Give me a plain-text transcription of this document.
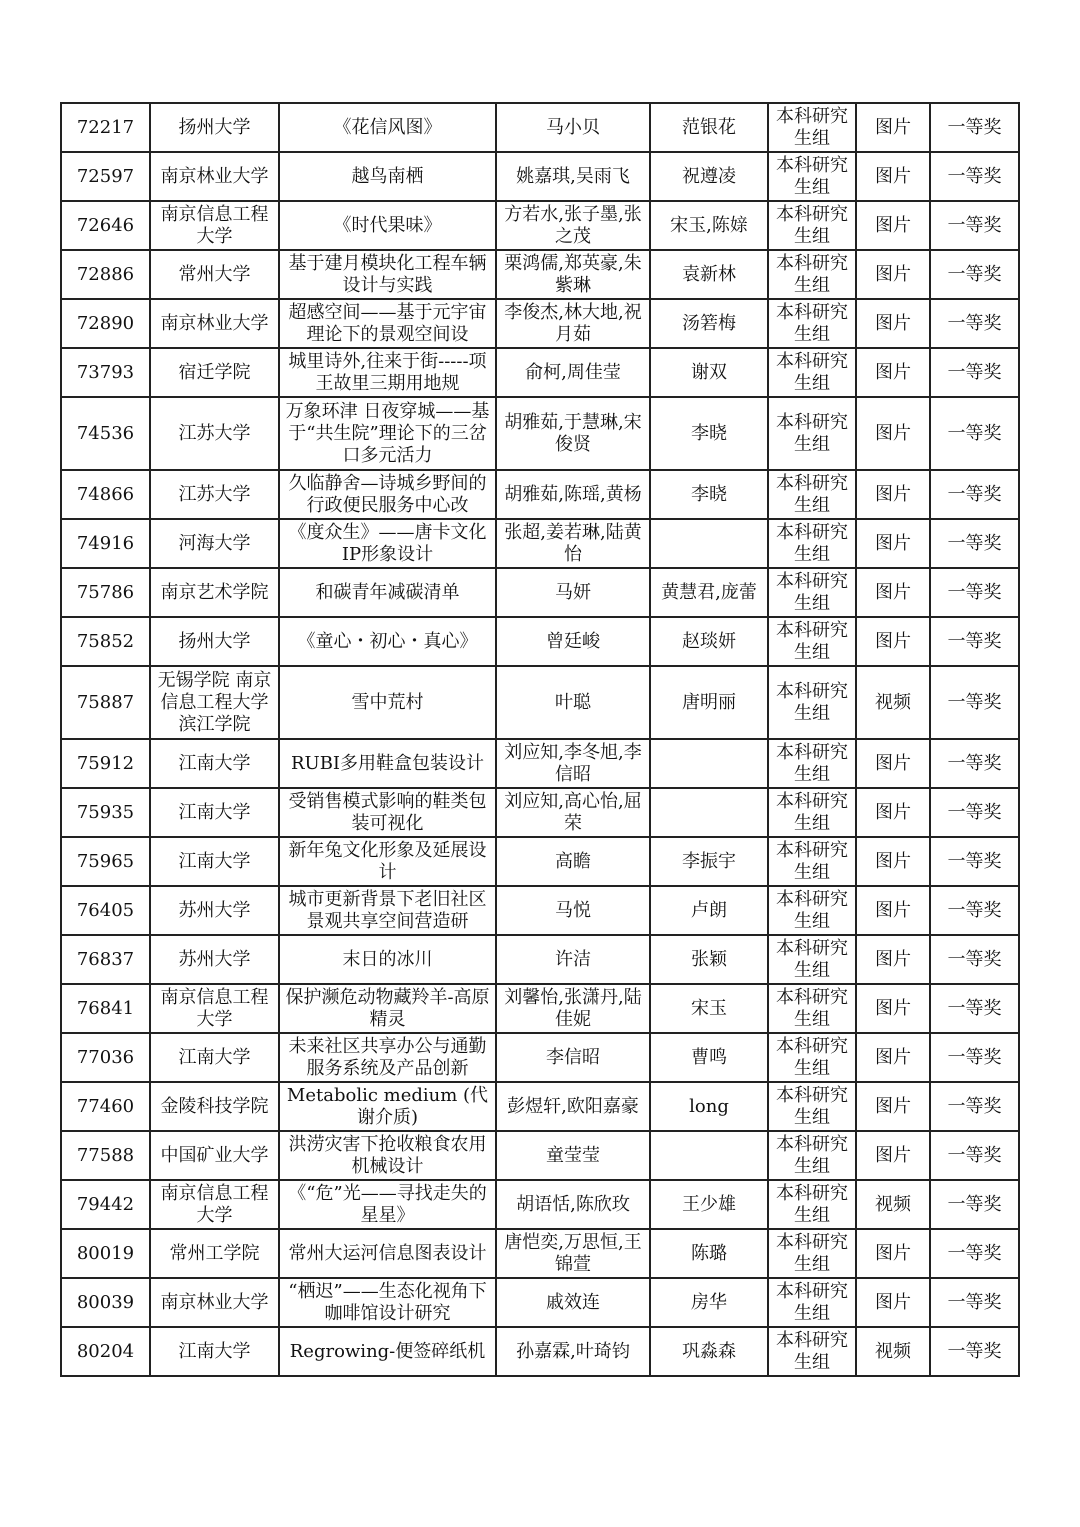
72217	扬州大学	《花信风图》	马小贝	范银花	本科研究生组	图片	一等奖
72597	南京林业大学	越鸟南栖	姚嘉琪,吴雨飞	祝遵凌	本科研究生组	图片	一等奖
72646	南京信息工程大学	《时代果味》	方若水,张子墨,张之茂	宋玉,陈媇	本科研究生组	图片	一等奖
72886	常州大学	基于建月模块化工程车辆设计与实践	栗鸿儒,郑英豪,朱紫琳	袁新林	本科研究生组	图片	一等奖
72890	南京林业大学	超感空间——基于元宇宙理论下的景观空间设	李俊杰,林大地,祝月茹	汤箬梅	本科研究生组	图片	一等奖
73793	宿迁学院	城里诗外,往来于街-----项王故里三期用地规	俞柯,周佳莹	谢双	本科研究生组	图片	一等奖
74536	江苏大学	万象环津 日夜穿城——基于“共生院”理论下的三岔口多元活力	胡雅茹,于慧琳,宋俊贤	李晓	本科研究生组	图片	一等奖
74866	江苏大学	久临静舍—诗城乡野间的行政便民服务中心改	胡雅茹,陈瑶,黄杨	李晓	本科研究生组	图片	一等奖
74916	河海大学	《度众生》——唐卡文化IP形象设计	张超,姜若琳,陆黄怡		本科研究生组	图片	一等奖
75786	南京艺术学院	和碳青年减碳清单	马妍	黄慧君,庞蕾	本科研究生组	图片	一等奖
75852	扬州大学	《童心・初心・真心》	曾廷峻	赵琰妍	本科研究生组	图片	一等奖
75887	无锡学院 南京信息工程大学滨江学院	雪中荒村	叶聪	唐明丽	本科研究生组	视频	一等奖
75912	江南大学	RUBI多用鞋盒包装设计	刘应知,李冬旭,李信昭		本科研究生组	图片	一等奖
75935	江南大学	受销售模式影响的鞋类包装可视化	刘应知,高心怡,屈荣		本科研究生组	图片	一等奖
75965	江南大学	新年兔文化形象及延展设计	高瞻	李振宇	本科研究生组	图片	一等奖
76405	苏州大学	城市更新背景下老旧社区景观共享空间营造研	马悦	卢朗	本科研究生组	图片	一等奖
76837	苏州大学	末日的冰川	许洁	张颖	本科研究生组	图片	一等奖
76841	南京信息工程大学	保护濒危动物藏羚羊-高原精灵	刘馨怡,张潇丹,陆佳妮	宋玉	本科研究生组	图片	一等奖
77036	江南大学	未来社区共享办公与通勤服务系统及产品创新	李信昭	曹鸣	本科研究生组	图片	一等奖
77460	金陵科技学院	Metabolic medium (代谢介质)	彭煜轩,欧阳嘉豪	long	本科研究生组	图片	一等奖
77588	中国矿业大学	洪涝灾害下抢收粮食农用机械设计	童莹莹		本科研究生组	图片	一等奖
79442	南京信息工程大学	《“危”光——寻找走失的星星》	胡语恬,陈欣玫	王少雄	本科研究生组	视频	一等奖
80019	常州工学院	常州大运河信息图表设计	唐恺奕,万思恒,王锦萱	陈璐	本科研究生组	图片	一等奖
80039	南京林业大学	“栖迟”——生态化视角下咖啡馆设计研究	戚效连	房华	本科研究生组	图片	一等奖
80204	江南大学	Regrowing-便签碎纸机	孙嘉霖,叶琦钧	巩淼森	本科研究生组	视频	一等奖
